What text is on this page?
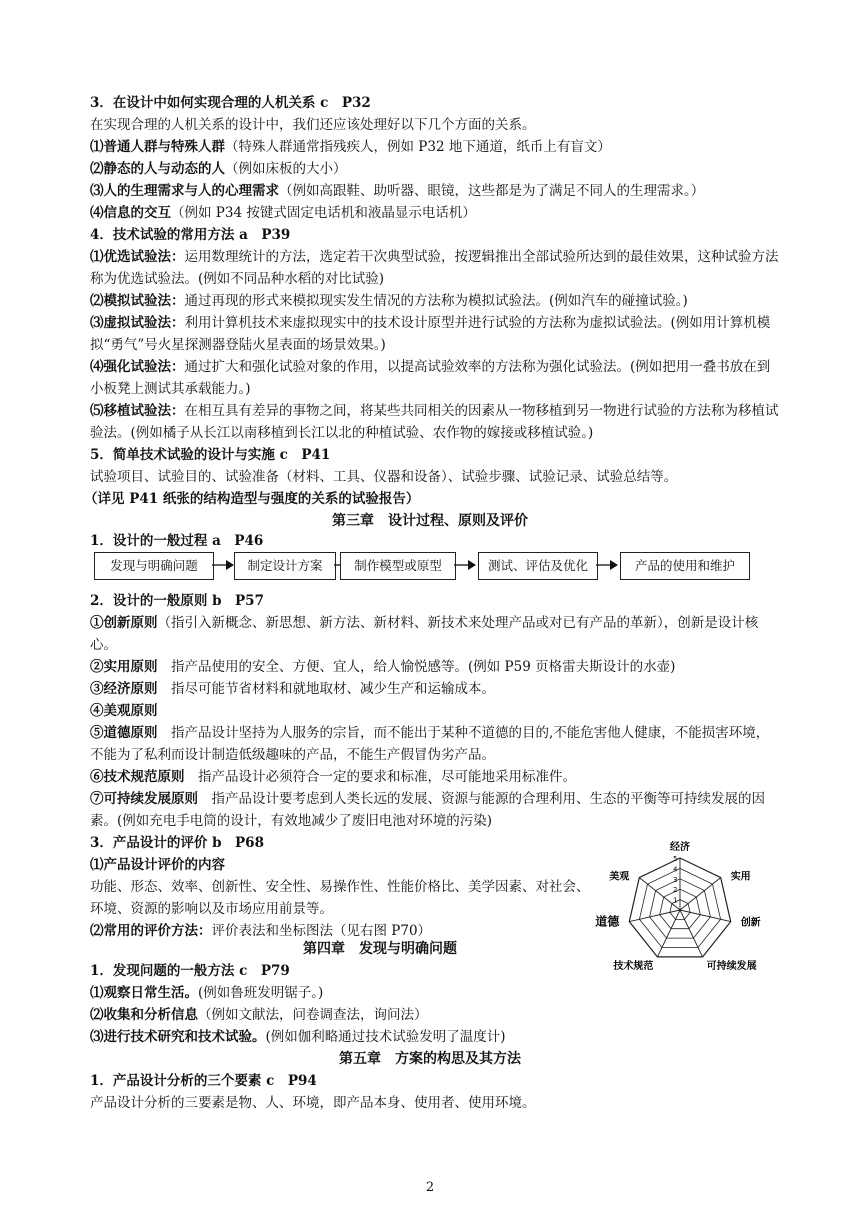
3．在设计中如何实现合理的人机关系 c　P32
在实现合理的人机关系的设计中，我们还应该处理好以下几个方面的关系。
⑴普通人群与特殊人群（特殊人群通常指残疾人，例如 P32 地下通道，纸币上有盲文）
⑵静态的人与动态的人（例如床板的大小）
⑶人的生理需求与人的心理需求（例如高跟鞋、助听器、眼镜，这些都是为了满足不同人的生理需求。）
⑷信息的交互（例如 P34 按键式固定电话机和液晶显示电话机）
4．技术试验的常用方法 a　P39
⑴优选试验法：运用数理统计的方法，选定若干次典型试验，按逻辑推出全部试验所达到的最佳效果，这种试验方法称为优选试验法。(例如不同品种水稻的对比试验)
⑵模拟试验法：通过再现的形式来模拟现实发生情况的方法称为模拟试验法。(例如汽车的碰撞试验。)
⑶虚拟试验法：利用计算机技术来虚拟现实中的技术设计原型并进行试验的方法称为虚拟试验法。(例如用计算机模拟“勇气”号火星探测器登陆火星表面的场景效果。)
⑷强化试验法：通过扩大和强化试验对象的作用，以提高试验效率的方法称为强化试验法。(例如把用一叠书放在到小板凳上测试其承载能力。)
⑸移植试验法：在相互具有差异的事物之间，将某些共同相关的因素从一物移植到另一物进行试验的方法称为移植试验法。(例如橘子从长江以南移植到长江以北的种植试验、农作物的嫁接或移植试验。)
5．简单技术试验的设计与实施 c　P41
试验项目、试验目的、试验准备（材料、工具、仪器和设备）、试验步骤、试验记录、试验总结等。
（详见 P41 纸张的结构造型与强度的关系的试验报告）
第三章　设计过程、原则及评价
1．设计的一般过程 a　P46
发现与明确问题	制定设计方案	制作模型或原型	测试、评估及优化	产品的使用和维护
2．设计的一般原则 b　P57
①创新原则（指引入新概念、新思想、新方法、新材料、新技术来处理产品或对已有产品的革新），创新是设计核心。
②实用原则  指产品使用的安全、方便、宜人，给人愉悦感等。(例如 P59 页格雷夫斯设计的水壶)
③经济原则  指尽可能节省材料和就地取材、减少生产和运输成本。
④美观原则
⑤道德原则  指产品设计坚持为人服务的宗旨，而不能出于某种不道德的目的,不能危害他人健康，不能损害环境，不能为了私利而设计制造低级趣味的产品，不能生产假冒伪劣产品。
⑥技术规范原则  指产品设计必须符合一定的要求和标准，尽可能地采用标准件。
⑦可持续发展原则  指产品设计要考虑到人类长远的发展、资源与能源的合理利用、生态的平衡等可持续发展的因素。(例如充电手电筒的设计，有效地减少了废旧电池对环境的污染)
3．产品设计的评价 b　P68
⑴产品设计评价的内容
功能、形态、效率、创新性、安全性、易操作性、性能价格比、美学因素、对社会、环境、资源的影响以及市场应用前景等。
⑵常用的评价方法：评价表法和坐标图法（见右图 P70）
1
2
3
4
5
经济
实用
创新
可持续发展
技术规范
道德
美观
第四章　发现与明确问题
1．发现问题的一般方法 c　P79
⑴观察日常生活。(例如鲁班发明锯子。)
⑵收集和分析信息（例如文献法，问卷调查法，询问法）
⑶进行技术研究和技术试验。(例如伽利略通过技术试验发明了温度计)
第五章　方案的构思及其方法
1．产品设计分析的三个要素 c　P94
产品设计分析的三要素是物、人、环境，即产品本身、使用者、使用环境。
2
